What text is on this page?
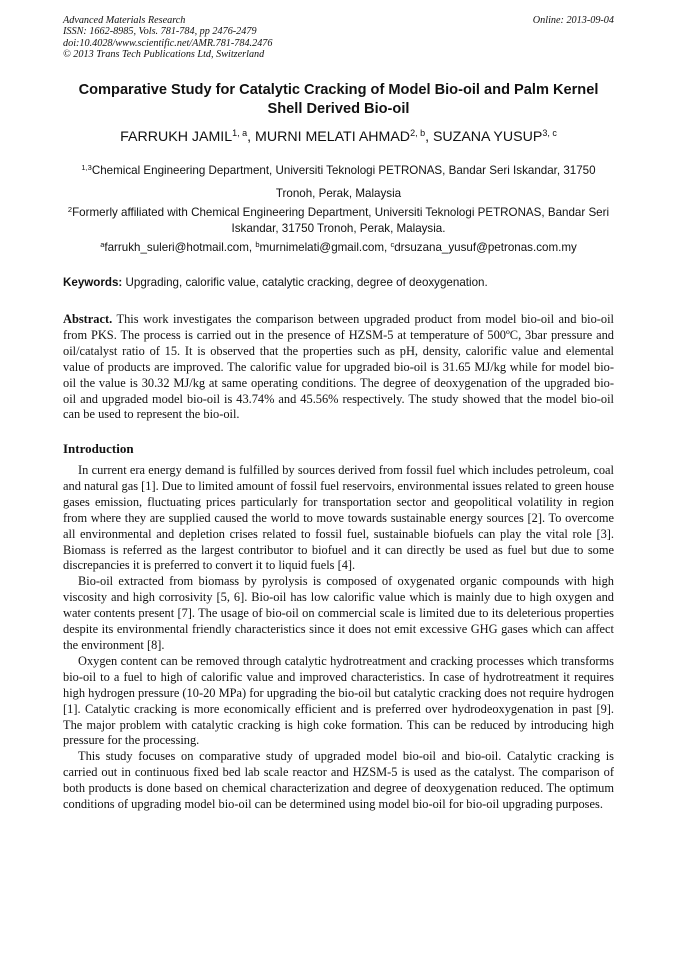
Advanced Materials Research
ISSN: 1662-8985, Vols. 781-784, pp 2476-2479
doi:10.4028/www.scientific.net/AMR.781-784.2476
© 2013 Trans Tech Publications Ltd, Switzerland
Online: 2013-09-04
Comparative Study for Catalytic Cracking of Model Bio-oil and Palm Kernel Shell Derived Bio-oil
FARRUKH JAMIL$^{1, a}$, MURNI MELATI AHMAD$^{2, b}$, SUZANA YUSUP$^{3, c}$
$^{1,3}$Chemical Engineering Department, Universiti Teknologi PETRONAS, Bandar Seri Iskandar, 31750 Tronoh, Perak, Malaysia
$^2$Formerly affiliated with Chemical Engineering Department, Universiti Teknologi PETRONAS, Bandar Seri Iskandar, 31750 Tronoh, Perak, Malaysia.
$^a$farrukh_suleri@hotmail.com, $^b$murnimelati@gmail.com, $^c$drsuzana_yusuf@petronas.com.my
Keywords: Upgrading, calorific value, catalytic cracking, degree of deoxygenation.
Abstract. This work investigates the comparison between upgraded product from model bio-oil and bio-oil from PKS. The process is carried out in the presence of HZSM-5 at temperature of 500ºC, 3bar pressure and oil/catalyst ratio of 15. It is observed that the properties such as pH, density, calorific value and elemental value of products are improved. The calorific value for upgraded bio-oil is 31.65 MJ/kg while for model bio-oil the value is 30.32 MJ/kg at same operating conditions. The degree of deoxygenation of the upgraded bio-oil and upgraded model bio-oil is 43.74% and 45.56% respectively. The study showed that the model bio-oil can be used to represent the bio-oil.
Introduction

In current era energy demand is fulfilled by sources derived from fossil fuel which includes petroleum, coal and natural gas [1]. Due to limited amount of fossil fuel reservoirs, environmental issues related to green house gases emission, fluctuating prices particularly for transportation sector and geopolitical volatility in region from where they are supplied caused the world to move towards sustainable energy sources [2]. To overcome all environmental and depletion crises related to fossil fuel, sustainable biofuels can play the vital role [3]. Biomass is referred as the largest contributor to biofuel and it can directly be used as fuel but due to some discrepancies it is preferred to convert it to liquid fuels [4].

Bio-oil extracted from biomass by pyrolysis is composed of oxygenated organic compounds with high viscosity and high corrosivity [5, 6]. Bio-oil has low calorific value which is mainly due to high oxygen and water contents present [7]. The usage of bio-oil on commercial scale is limited due to its deleterious properties despite its environmental friendly characteristics since it does not emit excessive GHG gases which can affect the environment [8].

Oxygen content can be removed through catalytic hydrotreatment and cracking processes which transforms bio-oil to a fuel to high of calorific value and improved characteristics. In case of hydrotreatment it requires high hydrogen pressure (10-20 MPa) for upgrading the bio-oil but catalytic cracking does not require hydrogen [1]. Catalytic cracking is more economically efficient and is preferred over hydrodeoxygenation in past [9]. The major problem with catalytic cracking is high coke formation. This can be reduced by introducing high pressure for the processing.

This study focuses on comparative study of upgraded model bio-oil and bio-oil. Catalytic cracking is carried out in continuous fixed bed lab scale reactor and HZSM-5 is used as the catalyst. The comparison of both products is done based on chemical characterization and degree of deoxygenation reduced. The optimum conditions of upgrading model bio-oil can be determined using model bio-oil for bio-oil upgrading purposes.
